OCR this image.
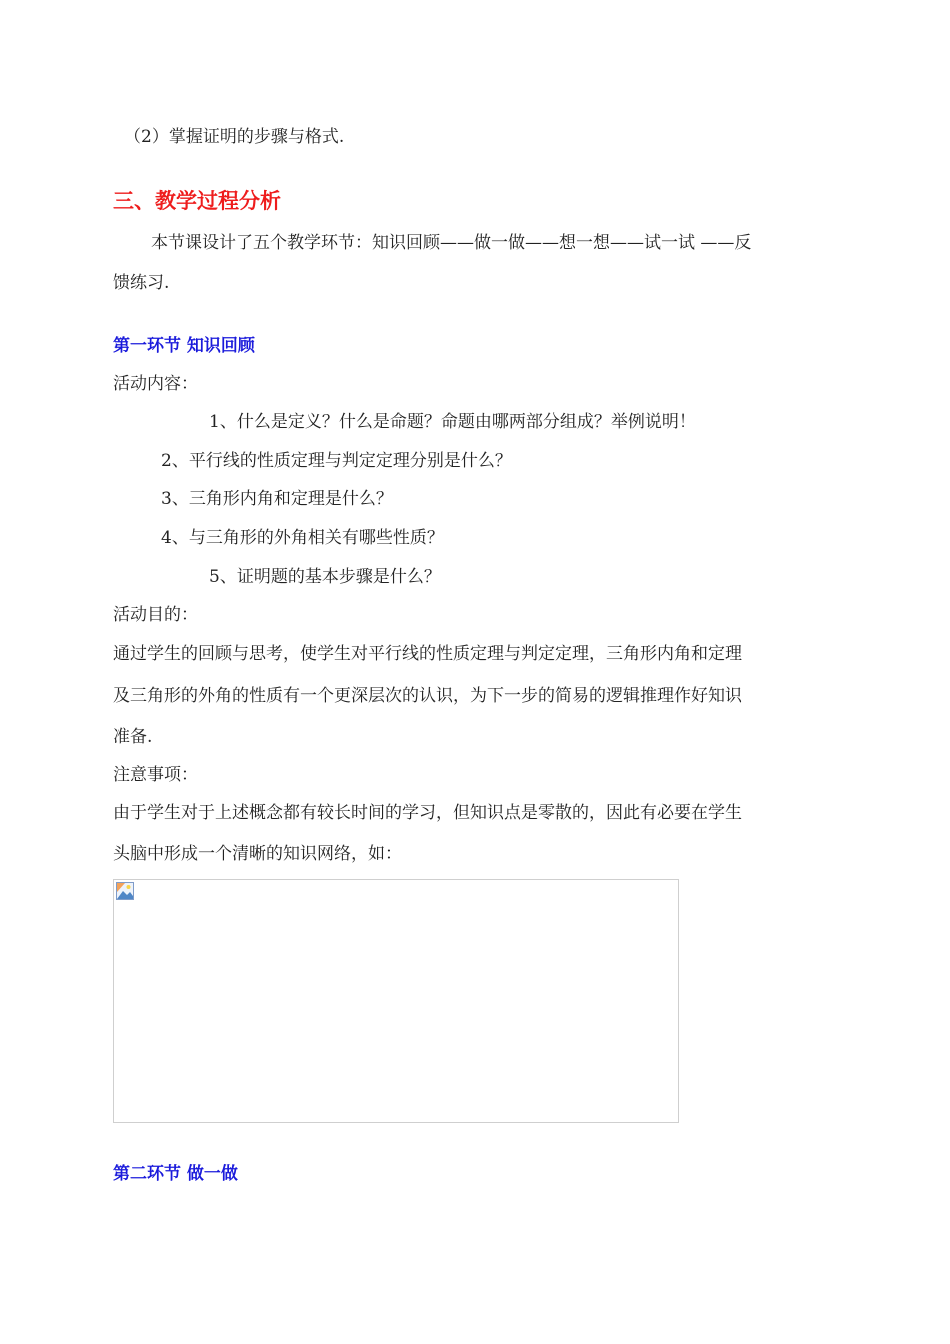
（2）掌握证明的步骤与格式.
三、教学过程分析
本节课设计了五个教学环节：知识回顾——做一做——想一想——试一试 ——反
馈练习.
第一环节 知识回顾
活动内容：
1、什么是定义？什么是命题？命题由哪两部分组成？举例说明！
2、平行线的性质定理与判定定理分别是什么？
3、三角形内角和定理是什么？
4、与三角形的外角相关有哪些性质？
5、证明题的基本步骤是什么？
活动目的：
通过学生的回顾与思考，使学生对平行线的性质定理与判定定理，三角形内角和定理
及三角形的外角的性质有一个更深层次的认识，为下一步的简易的逻辑推理作好知识
准备.
注意事项：
由于学生对于上述概念都有较长时间的学习，但知识点是零散的，因此有必要在学生
头脑中形成一个清晰的知识网络，如：
第二环节 做一做
